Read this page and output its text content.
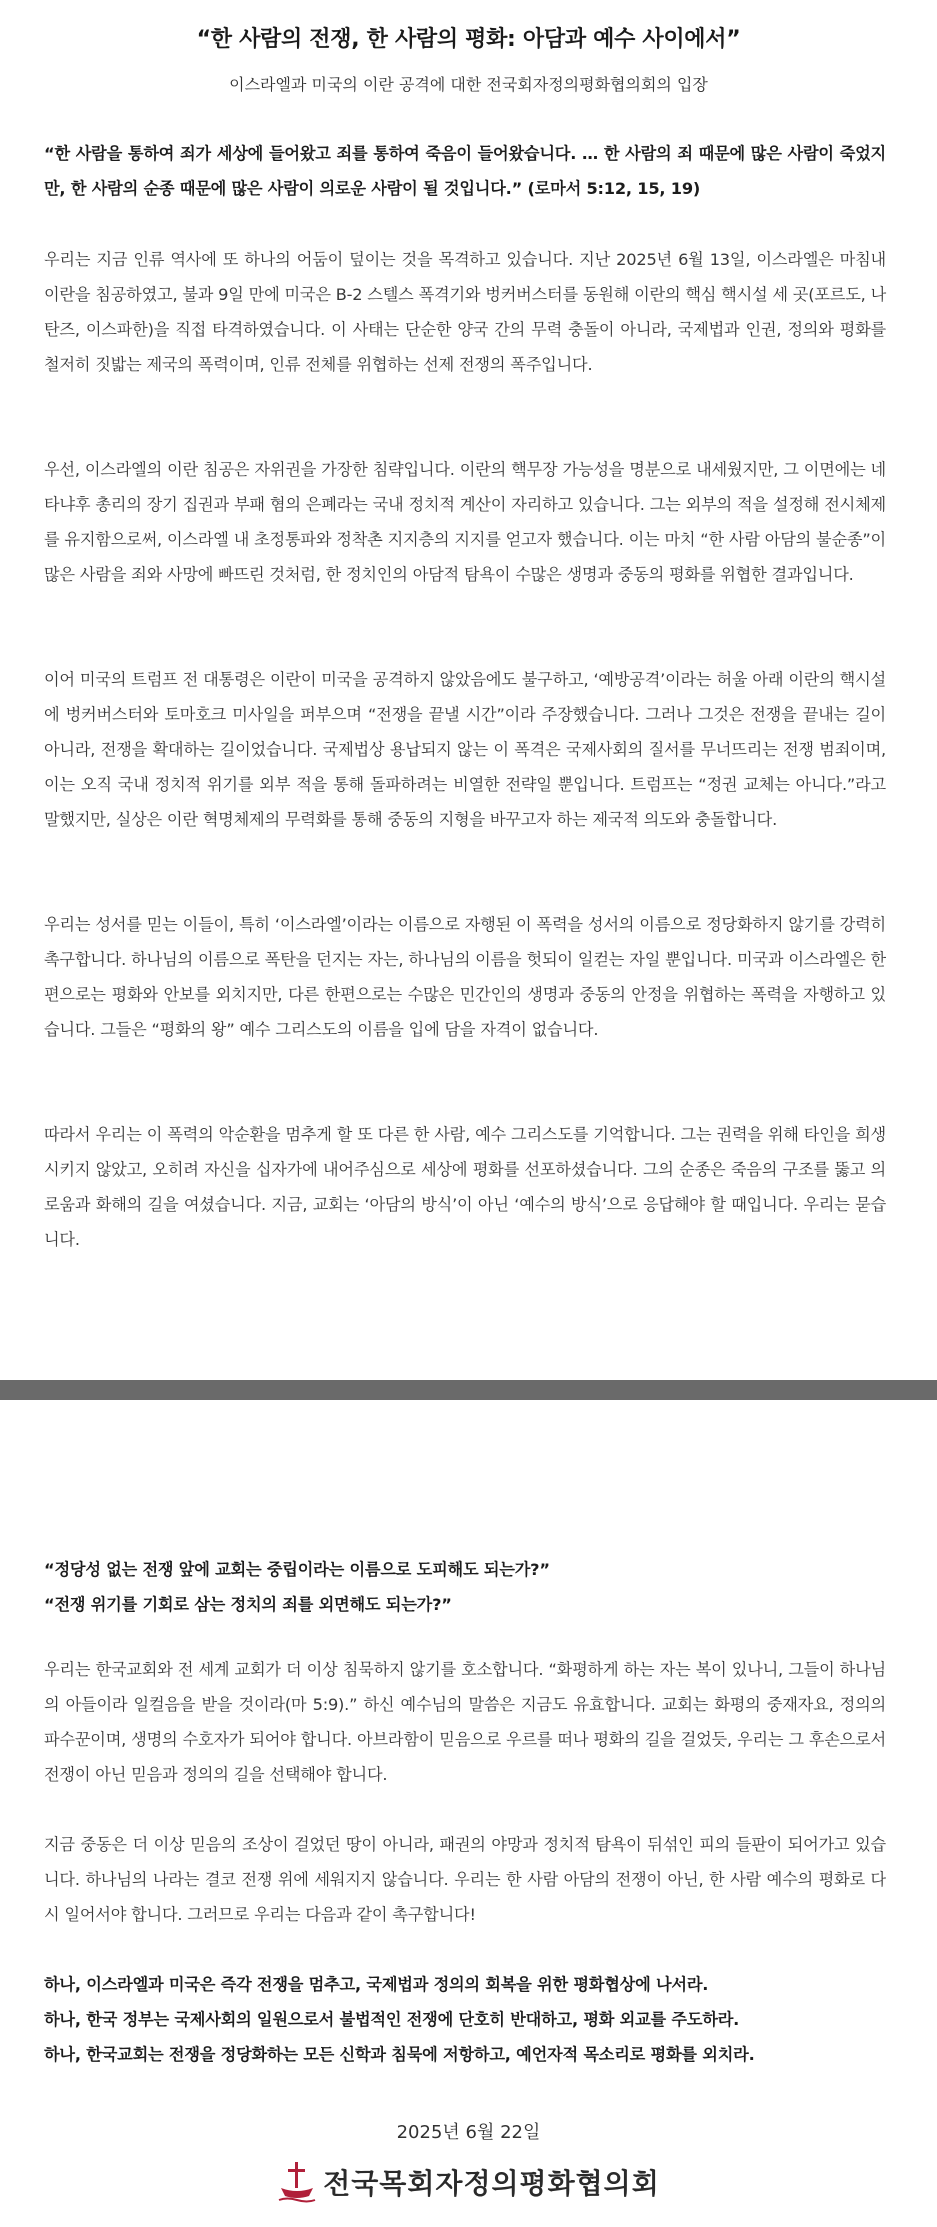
“한 사람의 전쟁, 한 사람의 평화: 아담과 예수 사이에서”
이스라엘과 미국의 이란 공격에 대한 전국회자정의평화협의회의 입장

“한 사람을 통하여 죄가 세상에 들어왔고 죄를 통하여 죽음이 들어왔습니다. … 한 사람의 죄 때문에 많은 사람이 죽었지만, 한 사람의 순종 때문에 많은 사람이 의로운 사람이 될 것입니다.” (로마서 5:12, 15, 19)

우리는 지금 인류 역사에 또 하나의 어둠이 덮이는 것을 목격하고 있습니다. 지난 2025년 6월 13일, 이스라엘은 마침내 이란을 침공하였고, 불과 9일 만에 미국은 B-2 스텔스 폭격기와 벙커버스터를 동원해 이란의 핵심 핵시설 세 곳(포르도, 나탄즈, 이스파한)을 직접 타격하였습니다. 이 사태는 단순한 양국 간의 무력 충돌이 아니라, 국제법과 인권, 정의와 평화를 철저히 짓밟는 제국의 폭력이며, 인류 전체를 위협하는 선제 전쟁의 폭주입니다.

우선, 이스라엘의 이란 침공은 자위권을 가장한 침략입니다. 이란의 핵무장 가능성을 명분으로 내세웠지만, 그 이면에는 네타냐후 총리의 장기 집권과 부패 혐의 은폐라는 국내 정치적 계산이 자리하고 있습니다. 그는 외부의 적을 설정해 전시체제를 유지함으로써, 이스라엘 내 초정통파와 정착촌 지지층의 지지를 얻고자 했습니다. 이는 마치 “한 사람 아담의 불순종”이 많은 사람을 죄와 사망에 빠뜨린 것처럼, 한 정치인의 아담적 탐욕이 수많은 생명과 중동의 평화를 위협한 결과입니다.

이어 미국의 트럼프 전 대통령은 이란이 미국을 공격하지 않았음에도 불구하고, ‘예방공격’이라는 허울 아래 이란의 핵시설에 벙커버스터와 토마호크 미사일을 퍼부으며 “전쟁을 끝낼 시간”이라 주장했습니다. 그러나 그것은 전쟁을 끝내는 길이 아니라, 전쟁을 확대하는 길이었습니다. 국제법상 용납되지 않는 이 폭격은 국제사회의 질서를 무너뜨리는 전쟁 범죄이며, 이는 오직 국내 정치적 위기를 외부 적을 통해 돌파하려는 비열한 전략일 뿐입니다. 트럼프는 “정권 교체는 아니다.”라고 말했지만, 실상은 이란 혁명체제의 무력화를 통해 중동의 지형을 바꾸고자 하는 제국적 의도와 충돌합니다.

우리는 성서를 믿는 이들이, 특히 ‘이스라엘’이라는 이름으로 자행된 이 폭력을 성서의 이름으로 정당화하지 않기를 강력히 촉구합니다. 하나님의 이름으로 폭탄을 던지는 자는, 하나님의 이름을 헛되이 일컫는 자일 뿐입니다. 미국과 이스라엘은 한편으로는 평화와 안보를 외치지만, 다른 한편으로는 수많은 민간인의 생명과 중동의 안정을 위협하는 폭력을 자행하고 있습니다. 그들은 “평화의 왕” 예수 그리스도의 이름을 입에 담을 자격이 없습니다.

따라서 우리는 이 폭력의 악순환을 멈추게 할 또 다른 한 사람, 예수 그리스도를 기억합니다. 그는 권력을 위해 타인을 희생시키지 않았고, 오히려 자신을 십자가에 내어주심으로 세상에 평화를 선포하셨습니다. 그의 순종은 죽음의 구조를 뚫고 의로움과 화해의 길을 여셨습니다. 지금, 교회는 ‘아담의 방식’이 아닌 ‘예수의 방식’으로 응답해야 할 때입니다. 우리는 묻습니다.

“정당성 없는 전쟁 앞에 교회는 중립이라는 이름으로 도피해도 되는가?”

“전쟁 위기를 기회로 삼는 정치의 죄를 외면해도 되는가?”

우리는 한국교회와 전 세계 교회가 더 이상 침묵하지 않기를 호소합니다. “화평하게 하는 자는 복이 있나니, 그들이 하나님의 아들이라 일컬음을 받을 것이라(마 5:9).” 하신 예수님의 말씀은 지금도 유효합니다. 교회는 화평의 중재자요, 정의의 파수꾼이며, 생명의 수호자가 되어야 합니다. 아브라함이 믿음으로 우르를 떠나 평화의 길을 걸었듯, 우리는 그 후손으로서 전쟁이 아닌 믿음과 정의의 길을 선택해야 합니다.

지금 중동은 더 이상 믿음의 조상이 걸었던 땅이 아니라, 패권의 야망과 정치적 탐욕이 뒤섞인 피의 들판이 되어가고 있습니다. 하나님의 나라는 결코 전쟁 위에 세워지지 않습니다. 우리는 한 사람 아담의 전쟁이 아닌, 한 사람 예수의 평화로 다시 일어서야 합니다. 그러므로 우리는 다음과 같이 촉구합니다!

하나, 이스라엘과 미국은 즉각 전쟁을 멈추고, 국제법과 정의의 회복을 위한 평화협상에 나서라.

하나, 한국 정부는 국제사회의 일원으로서 불법적인 전쟁에 단호히 반대하고, 평화 외교를 주도하라.

하나, 한국교회는 전쟁을 정당화하는 모든 신학과 침묵에 저항하고, 예언자적 목소리로 평화를 외치라.

2025년 6월 22일
전국목회자정의평화협의회
